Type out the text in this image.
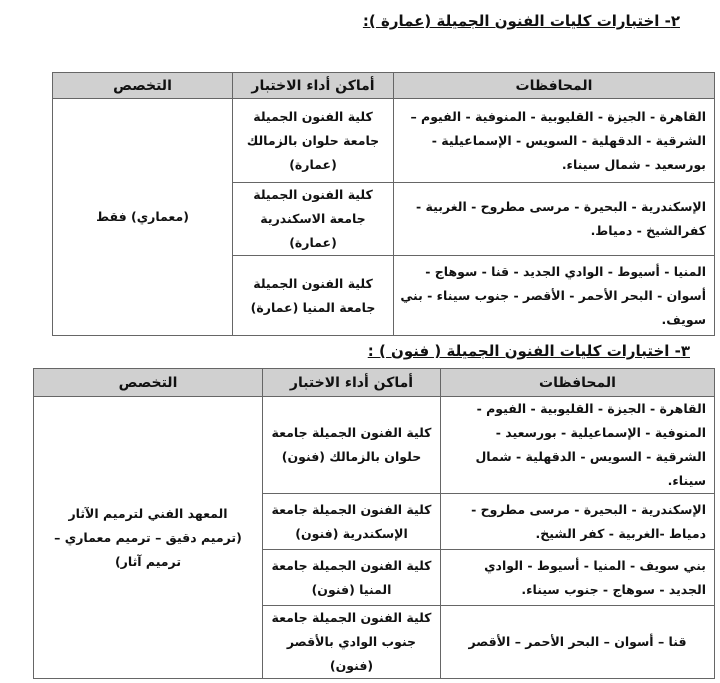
٢- اختبارات كليات الفنون الجميلة (عمارة ):
المحافظات	أماكن أداء الاختبار	التخصص
القاهرة - الجيزة - القليوبية - المنوفية - الفيوم – الشرقية - الدقهلية - السويس - الإسماعيلية - بورسعيد - شمال سيناء.	كلية الفنون الجميلة جامعة حلوان بالزمالك (عمارة)	(معماري) فقط
الإسكندرية - البحيرة - مرسى مطروح - الغربية - كفرالشيخ - دمياط.	كلية الفنون الجميلة جامعة الاسكندرية (عمارة)	
المنيا - أسيوط - الوادي الجديد - قنا - سوهاج - أسوان - البحر الأحمر - الأقصر - جنوب سيناء - بني سويف.	كلية الفنون الجميلة جامعة المنيا (عمارة)	
٣- اختبارات كليات الفنون الجميلة ( فنون ) :
المحافظات	أماكن أداء الاختبار	التخصص
القاهرة - الجيزة - القليوبية - الفيوم - المنوفية - الإسماعيلية - بورسعيد - الشرقية - السويس - الدقهلية - شمال سيناء.	كلية الفنون الجميلة جامعة حلوان بالزمالك (فنون)	المعهد الفني لترميم الآثار (ترميم دقيق – ترميم معماري – ترميم آثار)
الإسكندرية - البحيرة - مرسى مطروح - دمياط -الغربية - كفر الشيخ.	كلية الفنون الجميلة جامعة الإسكندرية (فنون)	
بني سويف - المنيا - أسيوط - الوادي الجديد - سوهاج - جنوب سيناء.	كلية الفنون الجميلة جامعة المنيا (فنون)	
قنا – أسوان – البحر الأحمر – الأقصر	كلية الفنون الجميلة جامعة جنوب الوادي بالأقصر (فنون)	
